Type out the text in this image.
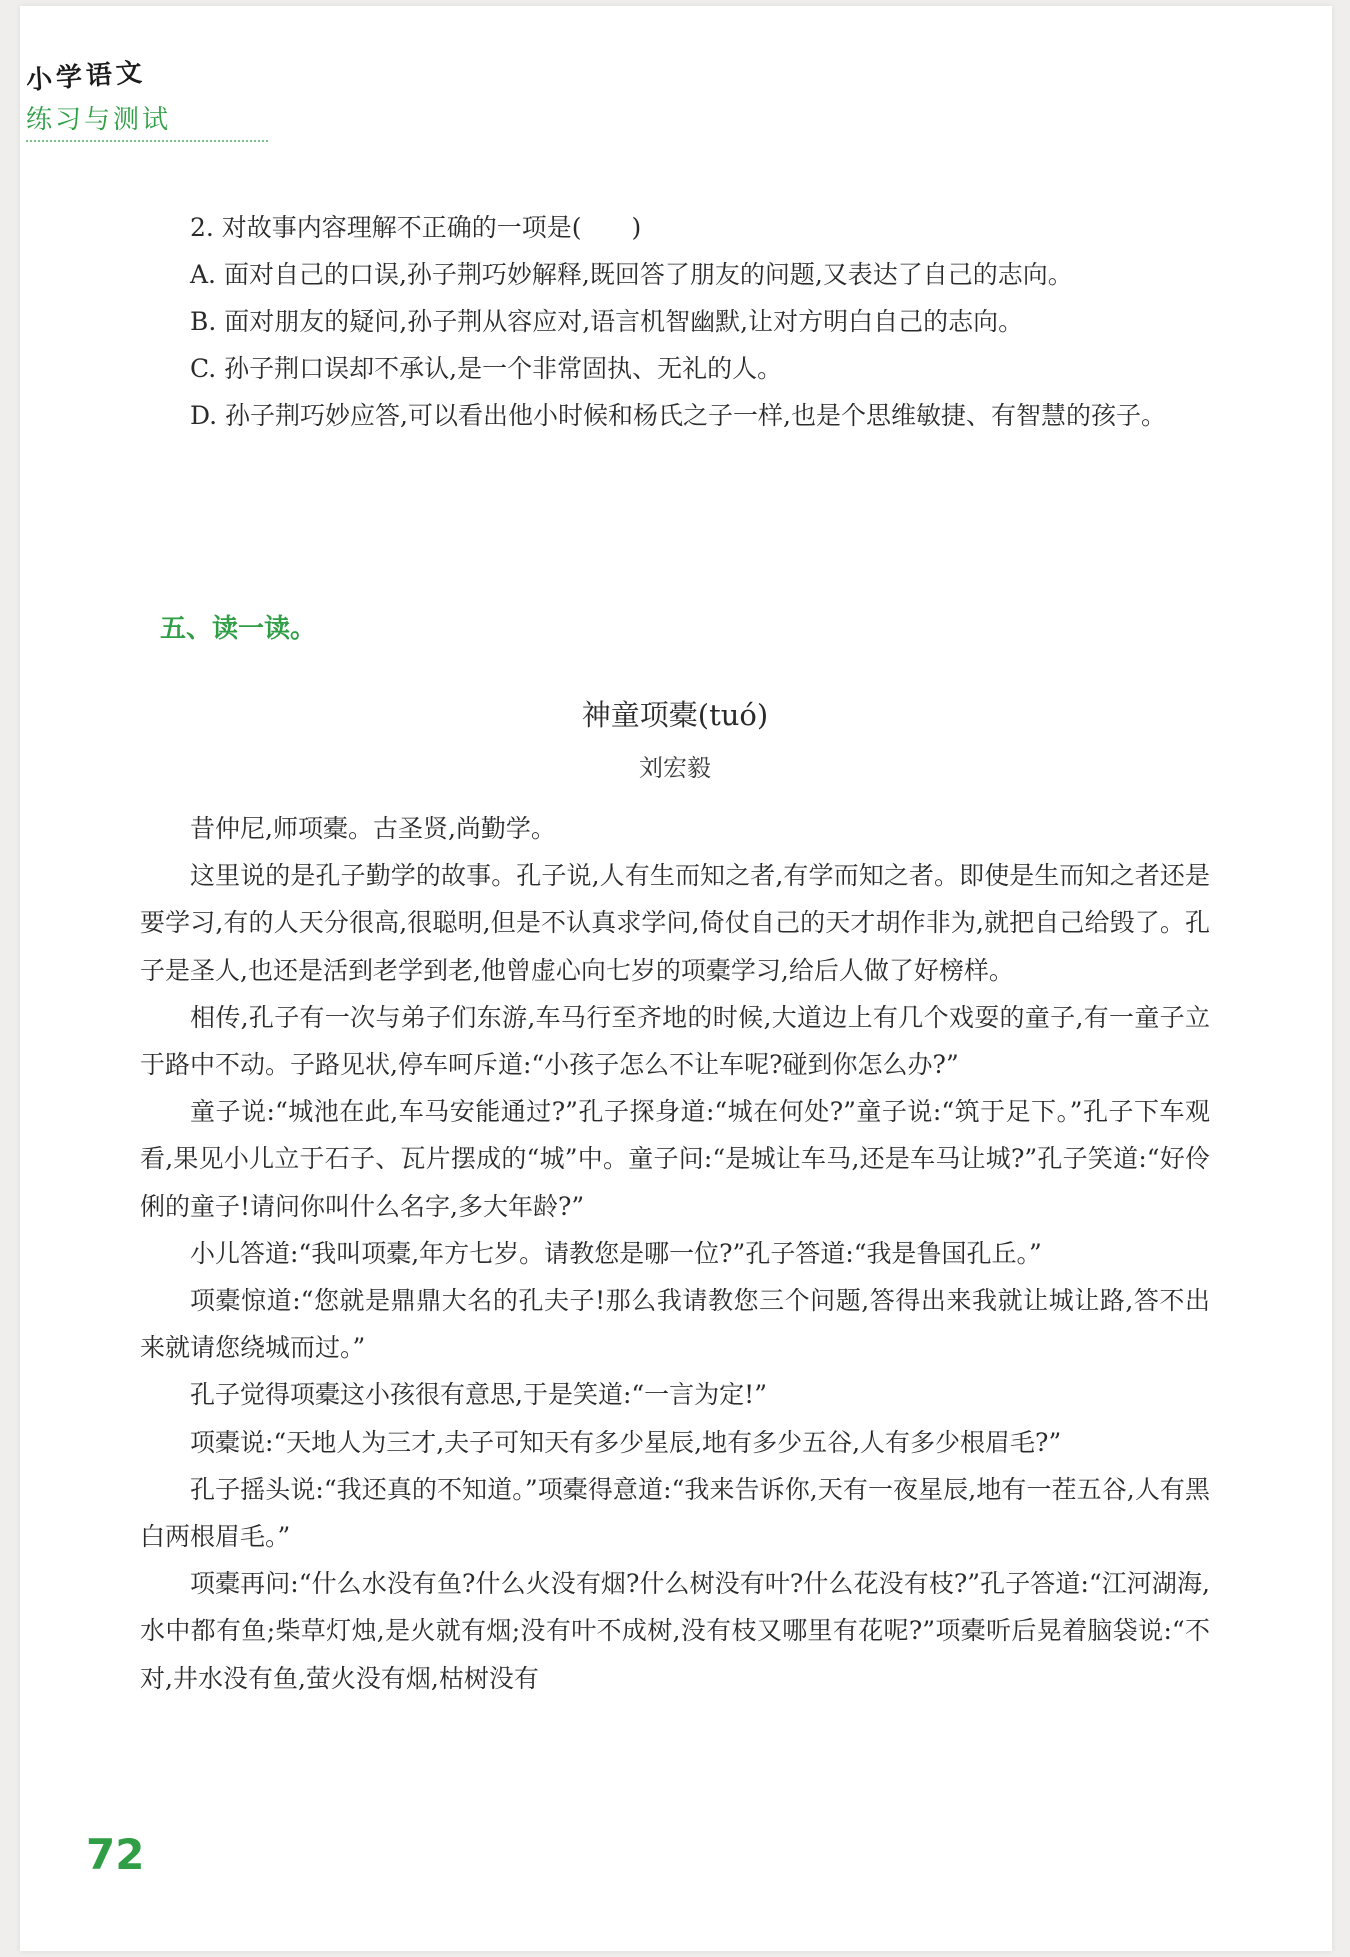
小学语文
练习与测试

2. 对故事内容理解不正确的一项是(　　)

A. 面对自己的口误,孙子荆巧妙解释,既回答了朋友的问题,又表达了自己的志向。

B. 面对朋友的疑问,孙子荆从容应对,语言机智幽默,让对方明白自己的志向。

C. 孙子荆口误却不承认,是一个非常固执、无礼的人。

D. 孙子荆巧妙应答,可以看出他小时候和杨氏之子一样,也是个思维敏捷、有智慧的孩子。

五、读一读。
神童项橐(tuó)
刘宏毅

昔仲尼,师项橐。古圣贤,尚勤学。

这里说的是孔子勤学的故事。孔子说,人有生而知之者,有学而知之者。即使是生而知之者还是要学习,有的人天分很高,很聪明,但是不认真求学问,倚仗自己的天才胡作非为,就把自己给毁了。孔子是圣人,也还是活到老学到老,他曾虚心向七岁的项橐学习,给后人做了好榜样。

相传,孔子有一次与弟子们东游,车马行至齐地的时候,大道边上有几个戏耍的童子,有一童子立于路中不动。子路见状,停车呵斥道:“小孩子怎么不让车呢?碰到你怎么办?”

童子说:“城池在此,车马安能通过?”孔子探身道:“城在何处?”童子说:“筑于足下。”孔子下车观看,果见小儿立于石子、瓦片摆成的“城”中。童子问:“是城让车马,还是车马让城?”孔子笑道:“好伶俐的童子!请问你叫什么名字,多大年龄?”

小儿答道:“我叫项橐,年方七岁。请教您是哪一位?”孔子答道:“我是鲁国孔丘。”

项橐惊道:“您就是鼎鼎大名的孔夫子!那么我请教您三个问题,答得出来我就让城让路,答不出来就请您绕城而过。”

孔子觉得项橐这小孩很有意思,于是笑道:“一言为定!”

项橐说:“天地人为三才,夫子可知天有多少星辰,地有多少五谷,人有多少根眉毛?”

孔子摇头说:“我还真的不知道。”项橐得意道:“我来告诉你,天有一夜星辰,地有一茬五谷,人有黑白两根眉毛。”

项橐再问:“什么水没有鱼?什么火没有烟?什么树没有叶?什么花没有枝?”孔子答道:“江河湖海,水中都有鱼;柴草灯烛,是火就有烟;没有叶不成树,没有枝又哪里有花呢?”项橐听后晃着脑袋说:“不对,井水没有鱼,萤火没有烟,枯树没有

72
